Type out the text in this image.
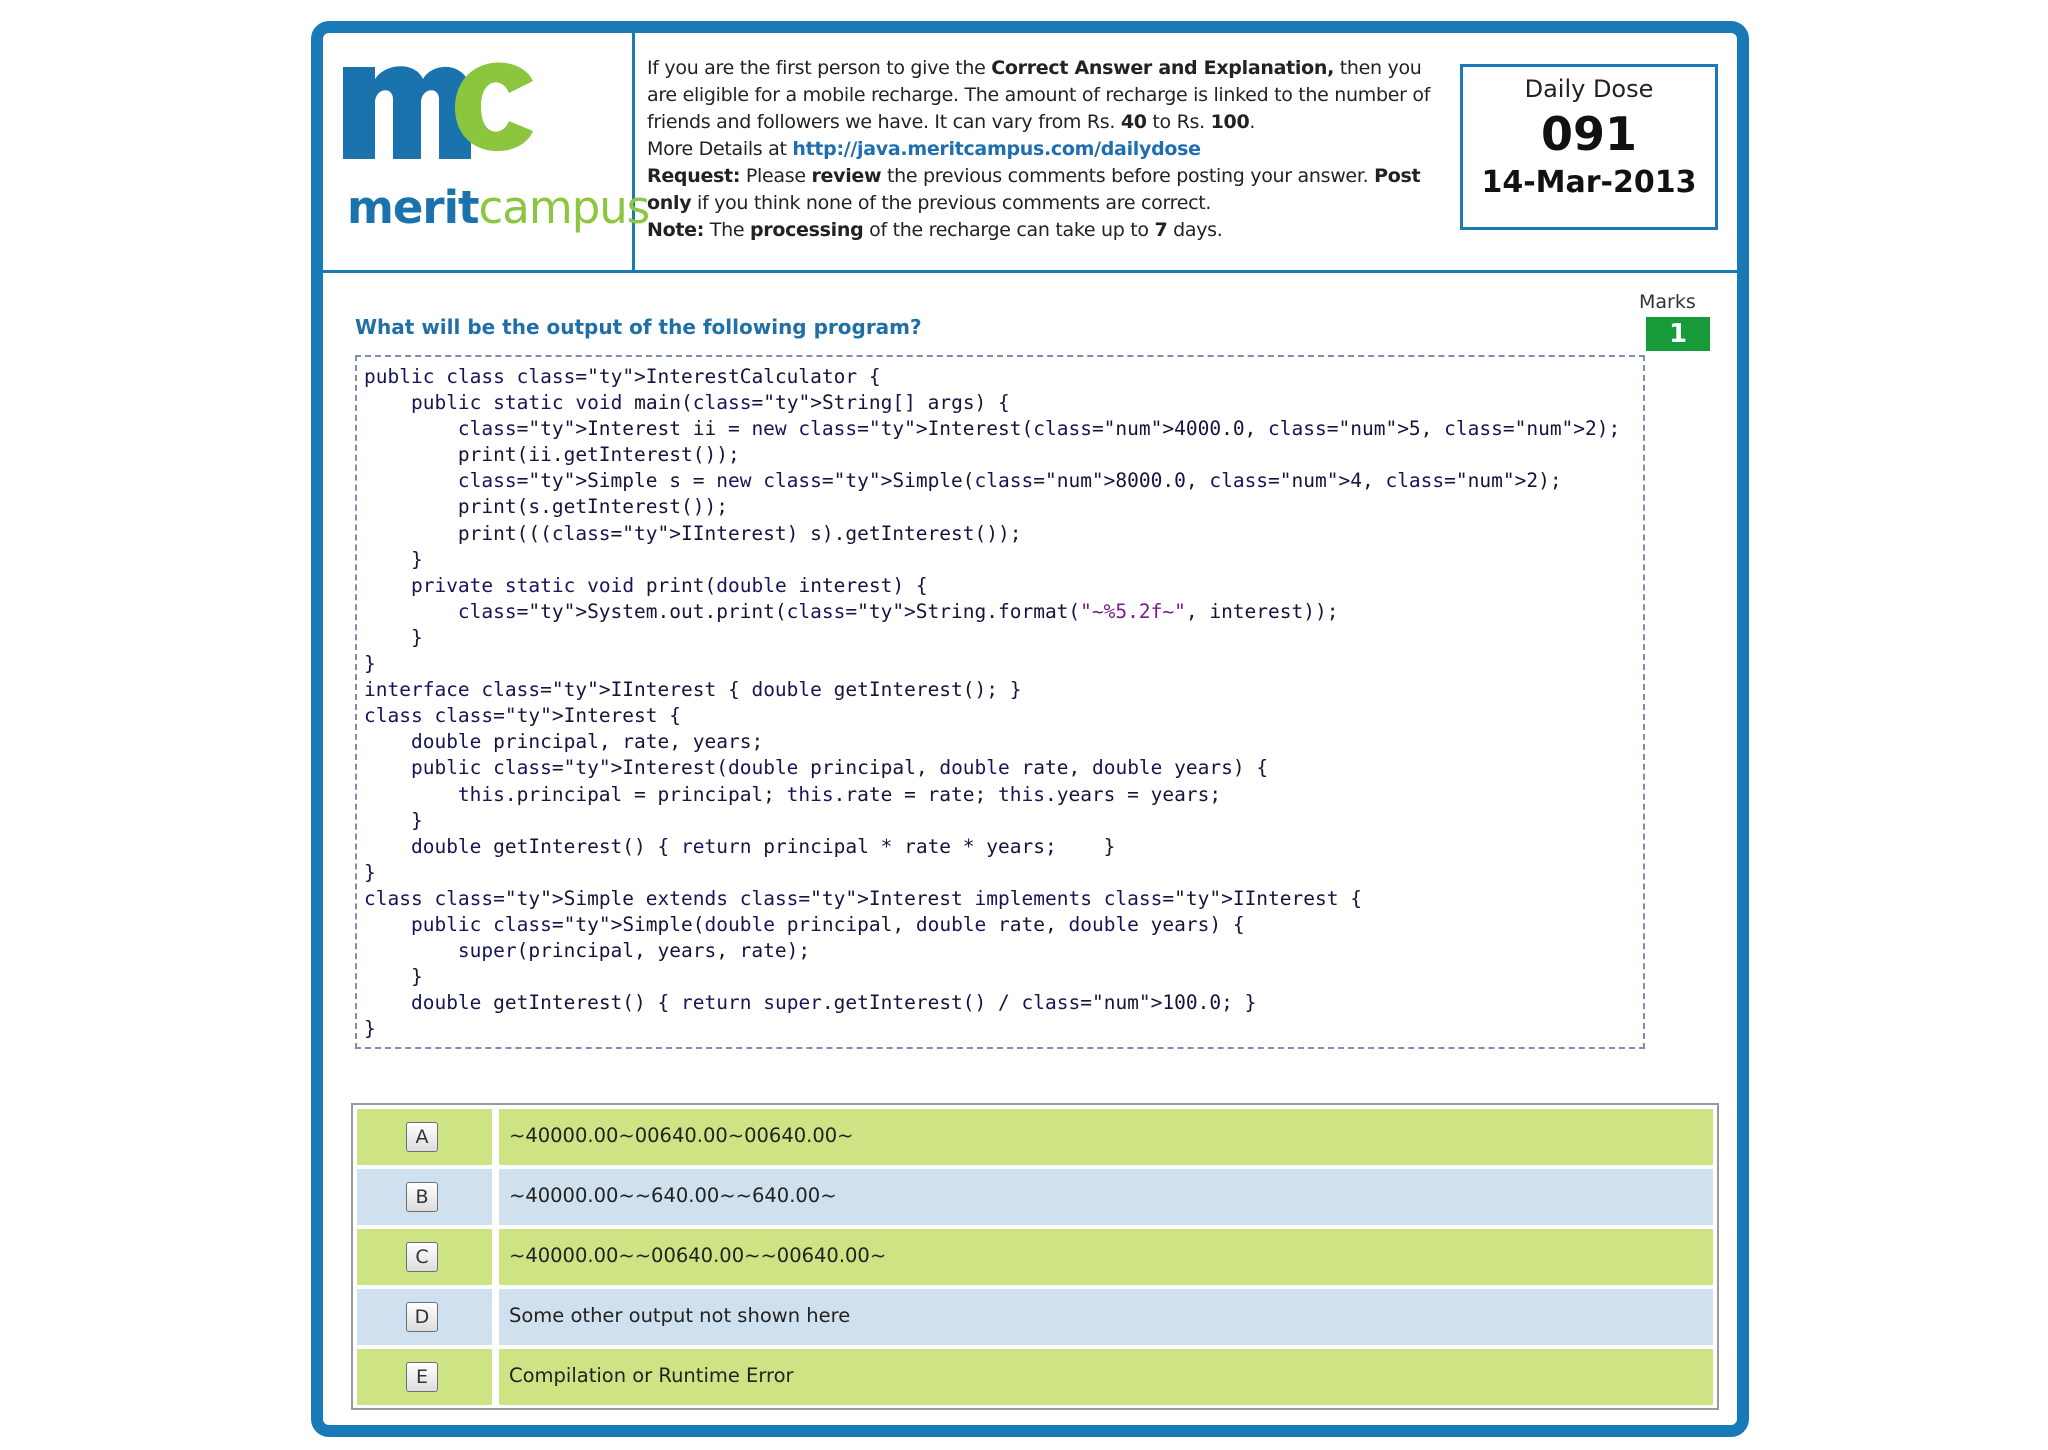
meritcampus

If you are the first person to give the Correct Answer and Explanation, then you are eligible for a mobile recharge. The amount of recharge is linked to the number of friends and followers we have. It can vary from Rs. 40 to Rs. 100.

More Details at http://java.meritcampus.com/dailydose

Request: Please review the previous comments before posting your answer. Post only if you think none of the previous comments are correct.

Note: The processing of the recharge can take up to 7 days.

Daily Dose
091
14-Mar-2013
What will be the output of the following program?
Marks
1
public class class="ty">InterestCalculator {
public static void main(class="ty">String[] args) {
class="ty">Interest ii = new class="ty">Interest(class="num">4000.0, class="num">5, class="num">2);
print(ii.getInterest());
class="ty">Simple s = new class="ty">Simple(class="num">8000.0, class="num">4, class="num">2);
print(s.getInterest());
print(((class="ty">IInterest) s).getInterest());
}
private static void print(double interest) {
class="ty">System.out.print(class="ty">String.format("~%5.2f~", interest));
}
}
interface class="ty">IInterest { double getInterest(); }
class class="ty">Interest {
double principal, rate, years;
public class="ty">Interest(double principal, double rate, double years) {
this.principal = principal; this.rate = rate; this.years = years;
}
double getInterest() { return principal * rate * years;    }
}
class class="ty">Simple extends class="ty">Interest implements class="ty">IInterest {
public class="ty">Simple(double principal, double rate, double years) {
super(principal, years, rate);
}
double getInterest() { return super.getInterest() / class="num">100.0; }
}

A	~40000.00~00640.00~00640.00~
B	~40000.00~~640.00~~640.00~
C	~40000.00~~00640.00~~00640.00~
D	Some other output not shown here
E	Compilation or Runtime Error
